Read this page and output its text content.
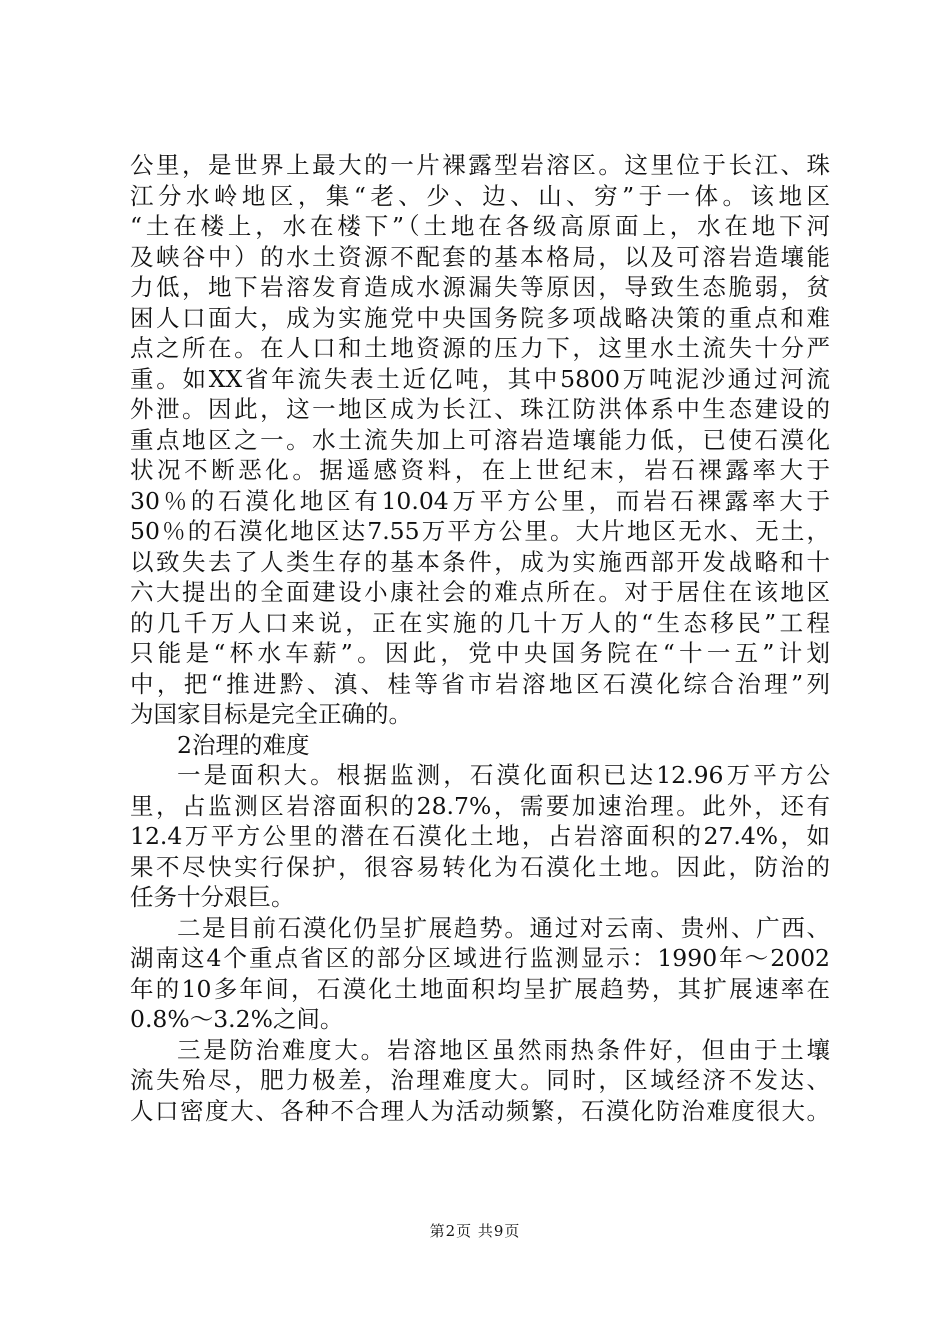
公里，是世界上最大的一片裸露型岩溶区。这里位于长江、珠
江分水岭地区，集“老、少、边、山、穷”于一体。该地区
“土在楼上，水在楼下”（土地在各级高原面上，水在地下河
及峡谷中）的水土资源不配套的基本格局，以及可溶岩造壤能
力低，地下岩溶发育造成水源漏失等原因，导致生态脆弱，贫
困人口面大，成为实施党中央国务院多项战略决策的重点和难
点之所在。在人口和土地资源的压力下，这里水土流失十分严
重。如XX省年流失表土近亿吨，其中5800万吨泥沙通过河流
外泄。因此，这一地区成为长江、珠江防洪体系中生态建设的
重点地区之一。水土流失加上可溶岩造壤能力低，已使石漠化
状况不断恶化。据遥感资料，在上世纪末，岩石裸露率大于
30％的石漠化地区有10.04万平方公里，而岩石裸露率大于
50％的石漠化地区达7.55万平方公里。大片地区无水、无土，
以致失去了人类生存的基本条件，成为实施西部开发战略和十
六大提出的全面建设小康社会的难点所在。对于居住在该地区
的几千万人口来说，正在实施的几十万人的“生态移民”工程
只能是“杯水车薪”。因此，党中央国务院在“十一五”计划
中，把“推进黔、滇、桂等省市岩溶地区石漠化综合治理”列
为国家目标是完全正确的。
2治理的难度
一是面积大。根据监测，石漠化面积已达12.96万平方公
里，占监测区岩溶面积的28.7%，需要加速治理。此外，还有
12.4万平方公里的潜在石漠化土地，占岩溶面积的27.4%，如
果不尽快实行保护，很容易转化为石漠化土地。因此，防治的
任务十分艰巨。
二是目前石漠化仍呈扩展趋势。通过对云南、贵州、广西、
湖南这4个重点省区的部分区域进行监测显示：1990年～2002
年的10多年间，石漠化土地面积均呈扩展趋势，其扩展速率在
0.8%～3.2%之间。
三是防治难度大。岩溶地区虽然雨热条件好，但由于土壤
流失殆尽，肥力极差，治理难度大。同时，区域经济不发达、
人口密度大、各种不合理人为活动频繁，石漠化防治难度很大。
第2页 共9页
